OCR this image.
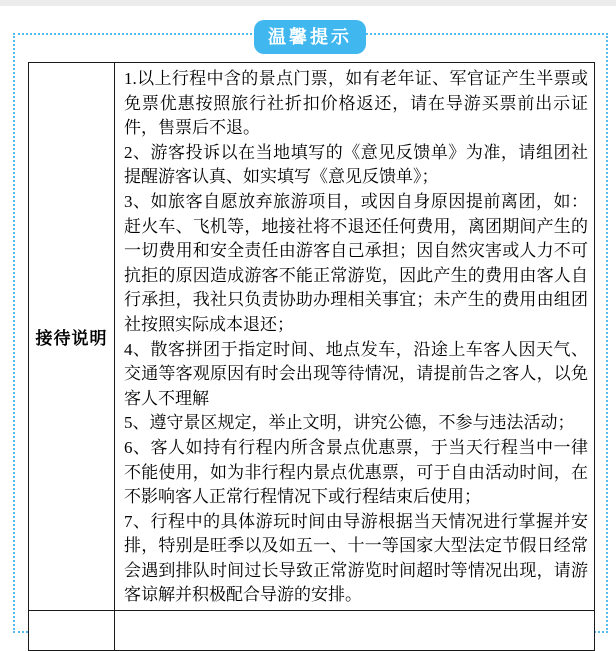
温馨提示
接待说明	

1.以上行程中含的景点门票，如有老年证、军官证产生半票或免票优惠按照旅行社折扣价格返还，请在导游买票前出示证件，售票后不退。

2、游客投诉以在当地填写的《意见反馈单》为准，请组团社提醒游客认真、如实填写《意见反馈单》；

3、如旅客自愿放弃旅游项目，或因自身原因提前离团，如：赶火车、飞机等，地接社将不退还任何费用，离团期间产生的一切费用和安全责任由游客自己承担；因自然灾害或人力不可抗拒的原因造成游客不能正常游览，因此产生的费用由客人自行承担，我社只负责协助办理相关事宜；未产生的费用由组团社按照实际成本退还；

4、散客拼团于指定时间、地点发车，沿途上车客人因天气、交通等客观原因有时会出现等待情况，请提前告之客人，以免客人不理解

5、遵守景区规定，举止文明，讲究公德，不参与违法活动；

6、客人如持有行程内所含景点优惠票，于当天行程当中一律不能使用，如为非行程内景点优惠票，可于自由活动时间，在不影响客人正常行程情况下或行程结束后使用；

7、行程中的具体游玩时间由导游根据当天情况进行掌握并安排，特别是旺季以及如五一、十一等国家大型法定节假日经常会遇到排队时间过长导致正常游览时间超时等情况出现，请游客谅解并积极配合导游的安排。
